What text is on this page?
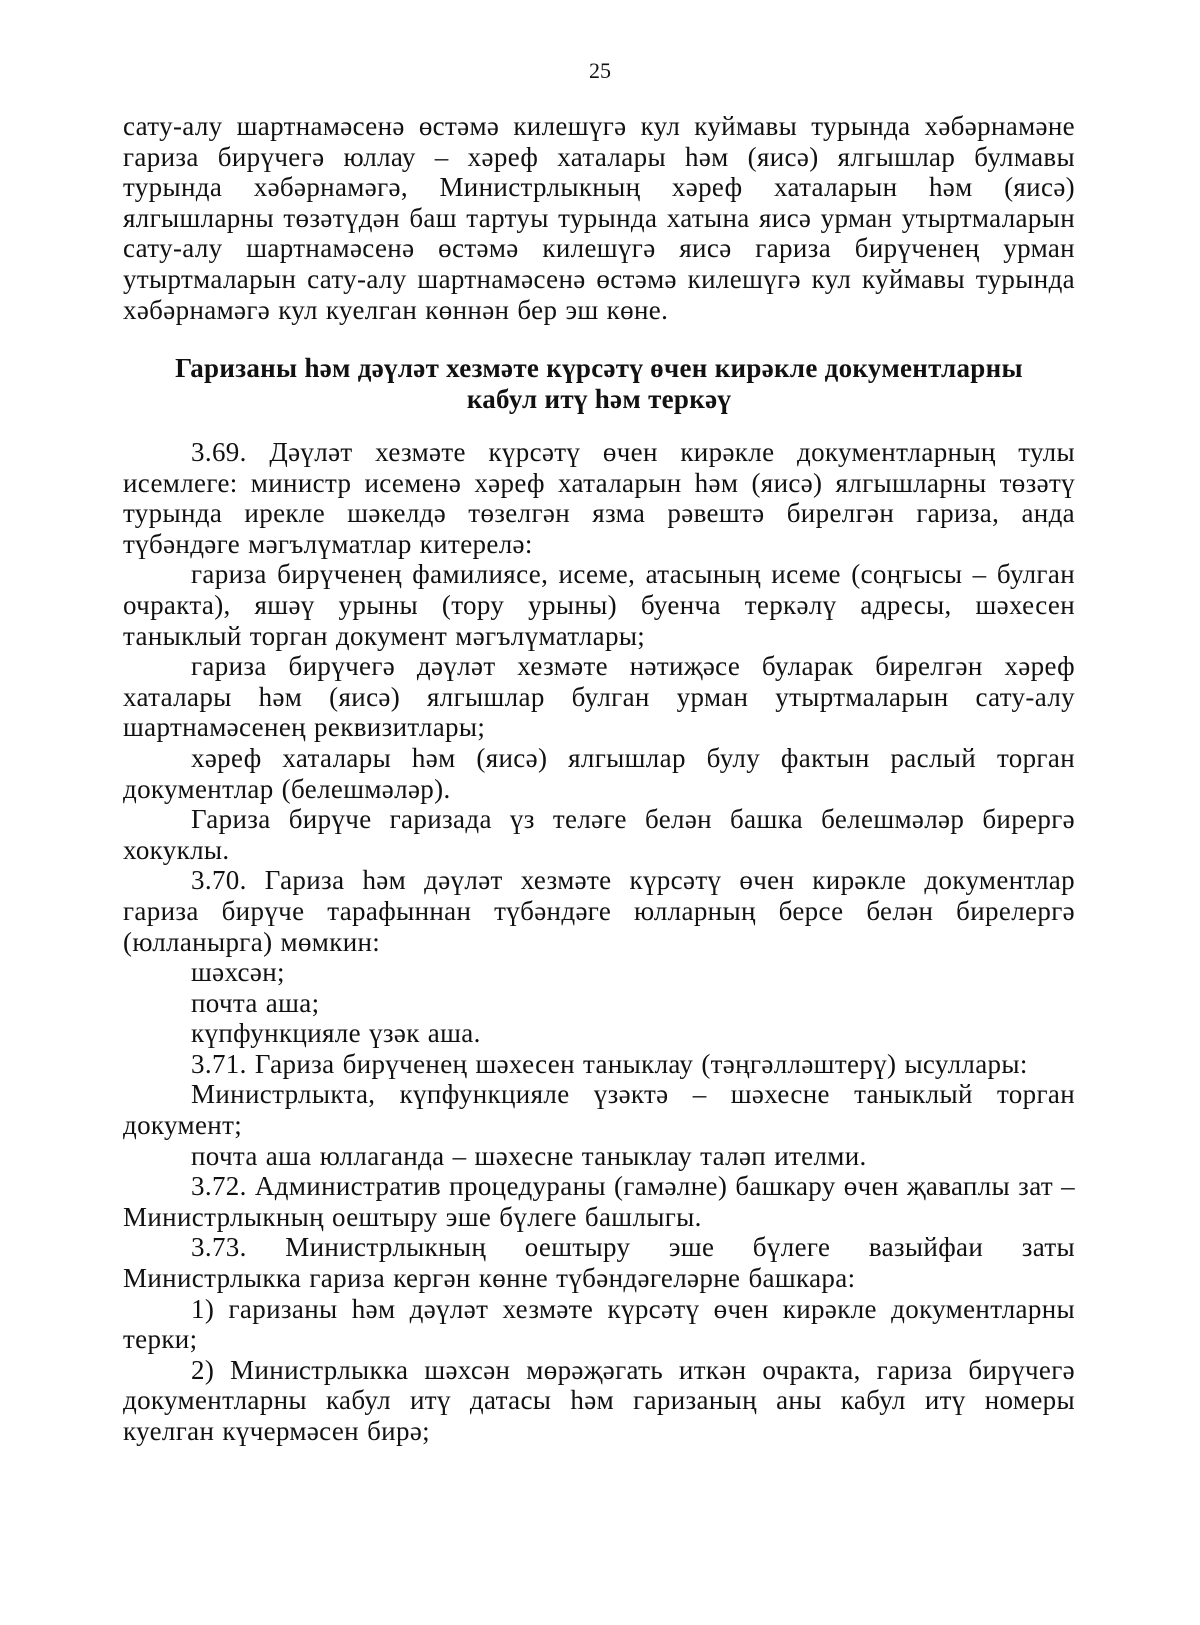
25

сату-алу шартнамәсенә өстәмә килешүгә кул куймавы турында хәбәрнамәне гариза бирүчегә юллау – хәреф хаталары һәм (яисә) ялгышлар булмавы турында хәбәрнамәгә, Министрлыкның хәреф хаталарын һәм (яисә) ялгышларны төзәтүдән баш тартуы турында хатына яисә урман утыртмаларын сату-алу шартнамәсенә өстәмә килешүгә яисә гариза бирүченең урман утыртмаларын сату-алу шартнамәсенә өстәмә килешүгә кул куймавы турында хәбәрнамәгә кул куелган көннән бер эш көне.

Гаризаны һәм дәүләт хезмәте күрсәтү өчен кирәкле документларны
кабул итү һәм теркәү

3.69. Дәүләт хезмәте күрсәтү өчен кирәкле документларның тулы исемлеге: министр исеменә хәреф хаталарын һәм (яисә) ялгышларны төзәтү турында ирекле шәкелдә төзелгән язма рәвештә бирелгән гариза, анда түбәндәге мәгълүматлар китерелә:

гариза бирүченең фамилиясе, исеме, атасының исеме (соңгысы – булган очракта), яшәү урыны (тору урыны) буенча теркәлү адресы, шәхесен таныклый торган документ мәгълүматлары;

гариза бирүчегә дәүләт хезмәте нәтиҗәсе буларак бирелгән хәреф хаталары һәм (яисә) ялгышлар булган урман утыртмаларын сату-алу шартнамәсенең реквизитлары;

хәреф хаталары һәм (яисә) ялгышлар булу фактын раслый торган документлар (белешмәләр).

Гариза бирүче гаризада үз теләге белән башка белешмәләр бирергә хокуклы.

3.70. Гариза һәм дәүләт хезмәте күрсәтү өчен кирәкле документлар гариза бирүче тарафыннан түбәндәге юлларның берсе белән бирелергә (юлланырга) мөмкин:

шәхсән;

почта аша;

күпфункцияле үзәк аша.

3.71. Гариза бирүченең шәхесен таныклау (тәңгәлләштерү) ысуллары:

Министрлыкта, күпфункцияле үзәктә – шәхесне таныклый торган документ;

почта аша юллаганда – шәхесне таныклау таләп ителми.

3.72. Административ процедураны (гамәлне) башкару өчен җаваплы зат – Министрлыкның оештыру эше бүлеге башлыгы.

3.73. Министрлыкның оештыру эше бүлеге вазыйфаи заты Министрлыкка гариза кергән көнне түбәндәгеләрне башкара:

1) гаризаны һәм дәүләт хезмәте күрсәтү өчен кирәкле документларны терки;

2) Министрлыкка шәхсән мөрәҗәгать иткән очракта, гариза бирүчегә документларны кабул итү датасы һәм гаризаның аны кабул итү номеры куелган күчермәсен бирә;
